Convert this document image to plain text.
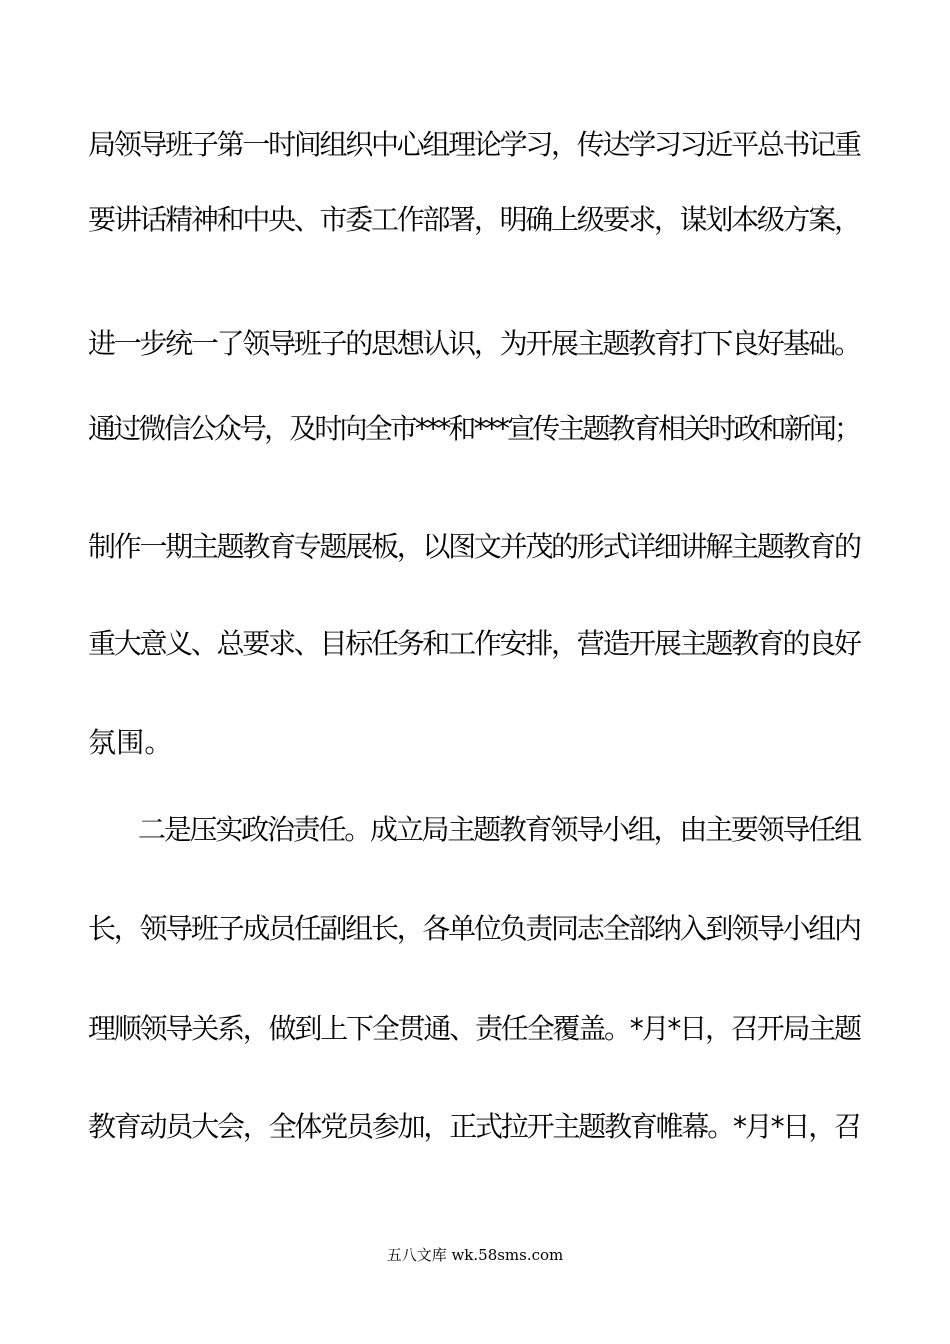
局领导班子第一时间组织中心组理论学习，传达学习习近平总书记重
要讲话精神和中央、市委工作部署，明确上级要求，谋划本级方案，
进一步统一了领导班子的思想认识，为开展主题教育打下良好基础。
通过微信公众号，及时向全市***和***宣传主题教育相关时政和新闻；
制作一期主题教育专题展板，以图文并茂的形式详细讲解主题教育的
重大意义、总要求、目标任务和工作安排，营造开展主题教育的良好
氛围。
二是压实政治责任。成立局主题教育领导小组，由主要领导任组
长，领导班子成员任副组长，各单位负责同志全部纳入到领导小组内
理顺领导关系，做到上下全贯通、责任全覆盖。*月*日，召开局主题
教育动员大会，全体党员参加，正式拉开主题教育帷幕。*月*日，召
五八文库 wk.58sms.com
